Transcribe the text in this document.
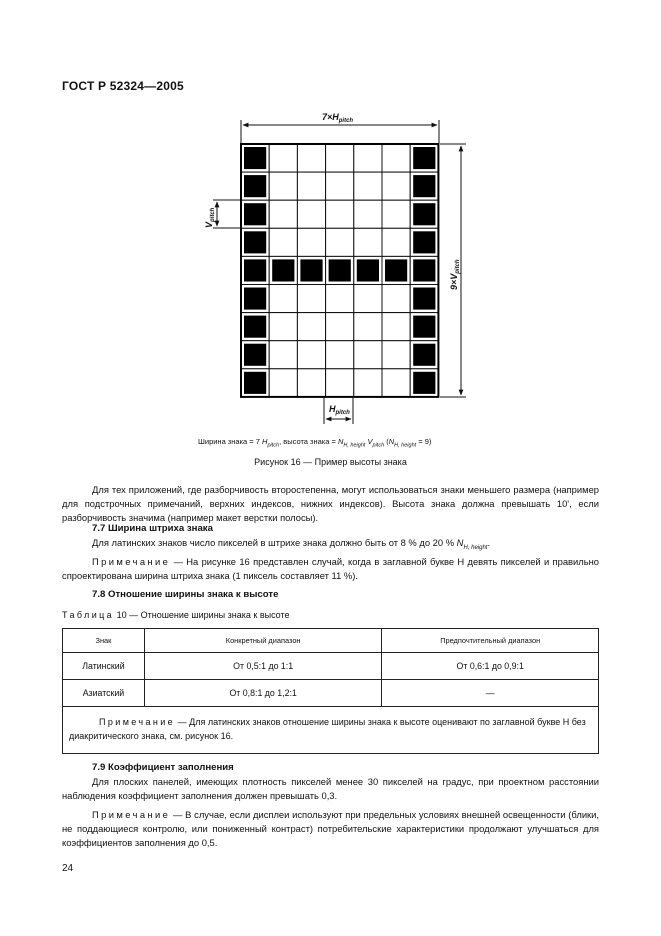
ГОСТ Р 52324—2005
$7\times H_{pitch}$
$9\times V_{pitch}$
$V_{pitch}$
$H_{pitch}$
Ширина знака = 7 $H_{pitch}$, высота знака = $N_{H, height}$ $V_{pitch}$ $(N_{H, height} = 9)$
Рисунок 16 — Пример высоты знака
Для тех приложений, где разборчивость второстепенна, могут использоваться знаки меньшего размера (например для подстрочных примечаний, верхних индексов, нижних индексов). Высота знака должна превышать 10', если разборчивость значима (например макет верстки полосы).
7.7 Ширина штриха знака
Для латинских знаков число пикселей в штрихе знака должно быть от 8 % до 20 % $N_{H, height}$.
Примечание — На рисунке 16 представлен случай, когда в заглавной букве H девять пикселей и правильно спроектирована ширина штриха знака (1 пиксель составляет 11 %).
7.8 Отношение ширины знака к высоте
Таблица 10 — Отношение ширины знака к высоте
Знак	Конкретный диапазон	Предпочтительный диапазон
Латинский	От 0,5:1 до 1:1	От 0,6:1 до 0,9:1
Азиатский	От 0,8:1 до 1,2:1	—
Примечание — Для латинских знаков отношение ширины знака к высоте оценивают по заглавной букве H без диакритического знака, см. рисунок 16.		
7.9 Коэффициент заполнения
Для плоских панелей, имеющих плотность пикселей менее 30 пикселей на градус, при проектном расстоянии наблюдения коэффициент заполнения должен превышать 0,3.
Примечание — В случае, если дисплеи используют при предельных условиях внешней освещенности (блики, не поддающиеся контролю, или пониженный контраст) потребительские характеристики продолжают улучшаться для коэффициентов заполнения до 0,5.
24
